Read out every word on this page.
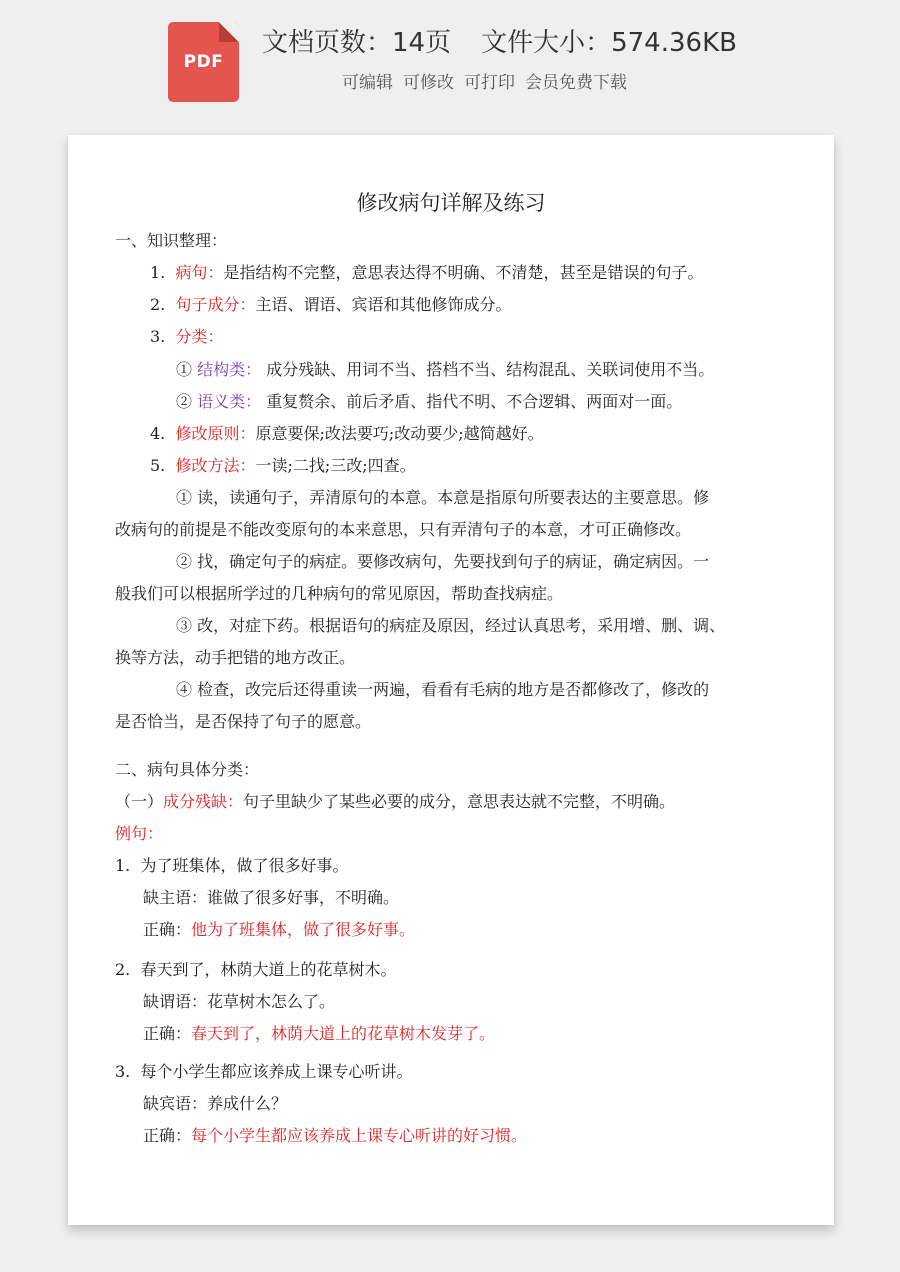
PDF
文档页数：14页 文件大小：574.36KB
可编辑 可修改 可打印 会员免费下载
修改病句详解及练习
一、知识整理：
1. 病句：是指结构不完整，意思表达得不明确、不清楚，甚至是错误的句子。
2. 句子成分：主语、谓语、宾语和其他修饰成分。
3. 分类：
① 结构类： 成分残缺、用词不当、搭档不当、结构混乱、关联词使用不当。
② 语义类： 重复赘余、前后矛盾、指代不明、不合逻辑、两面对一面。
4. 修改原则：原意要保;改法要巧;改动要少;越简越好。
5. 修改方法：一读;二找;三改;四查。
① 读，读通句子，弄清原句的本意。本意是指原句所要表达的主要意思。修
改病句的前提是不能改变原句的本来意思，只有弄清句子的本意，才可正确修改。
② 找，确定句子的病症。要修改病句，先要找到句子的病证，确定病因。一
般我们可以根据所学过的几种病句的常见原因，帮助查找病症。
③ 改，对症下药。根据语句的病症及原因，经过认真思考，采用增、删、调、
换等方法，动手把错的地方改正。
④ 检查，改完后还得重读一两遍，看看有毛病的地方是否都修改了，修改的
是否恰当，是否保持了句子的愿意。
二、病句具体分类：
（一）成分残缺：句子里缺少了某些必要的成分，意思表达就不完整，不明确。
例句：
1. 为了班集体，做了很多好事。
缺主语：谁做了很多好事，不明确。
正确：他为了班集体，做了很多好事。
2. 春天到了，林荫大道上的花草树木。
缺谓语：花草树木怎么了。
正确：春天到了，林荫大道上的花草树木发芽了。
3. 每个小学生都应该养成上课专心听讲。
缺宾语：养成什么？
正确：每个小学生都应该养成上课专心听讲的好习惯。
